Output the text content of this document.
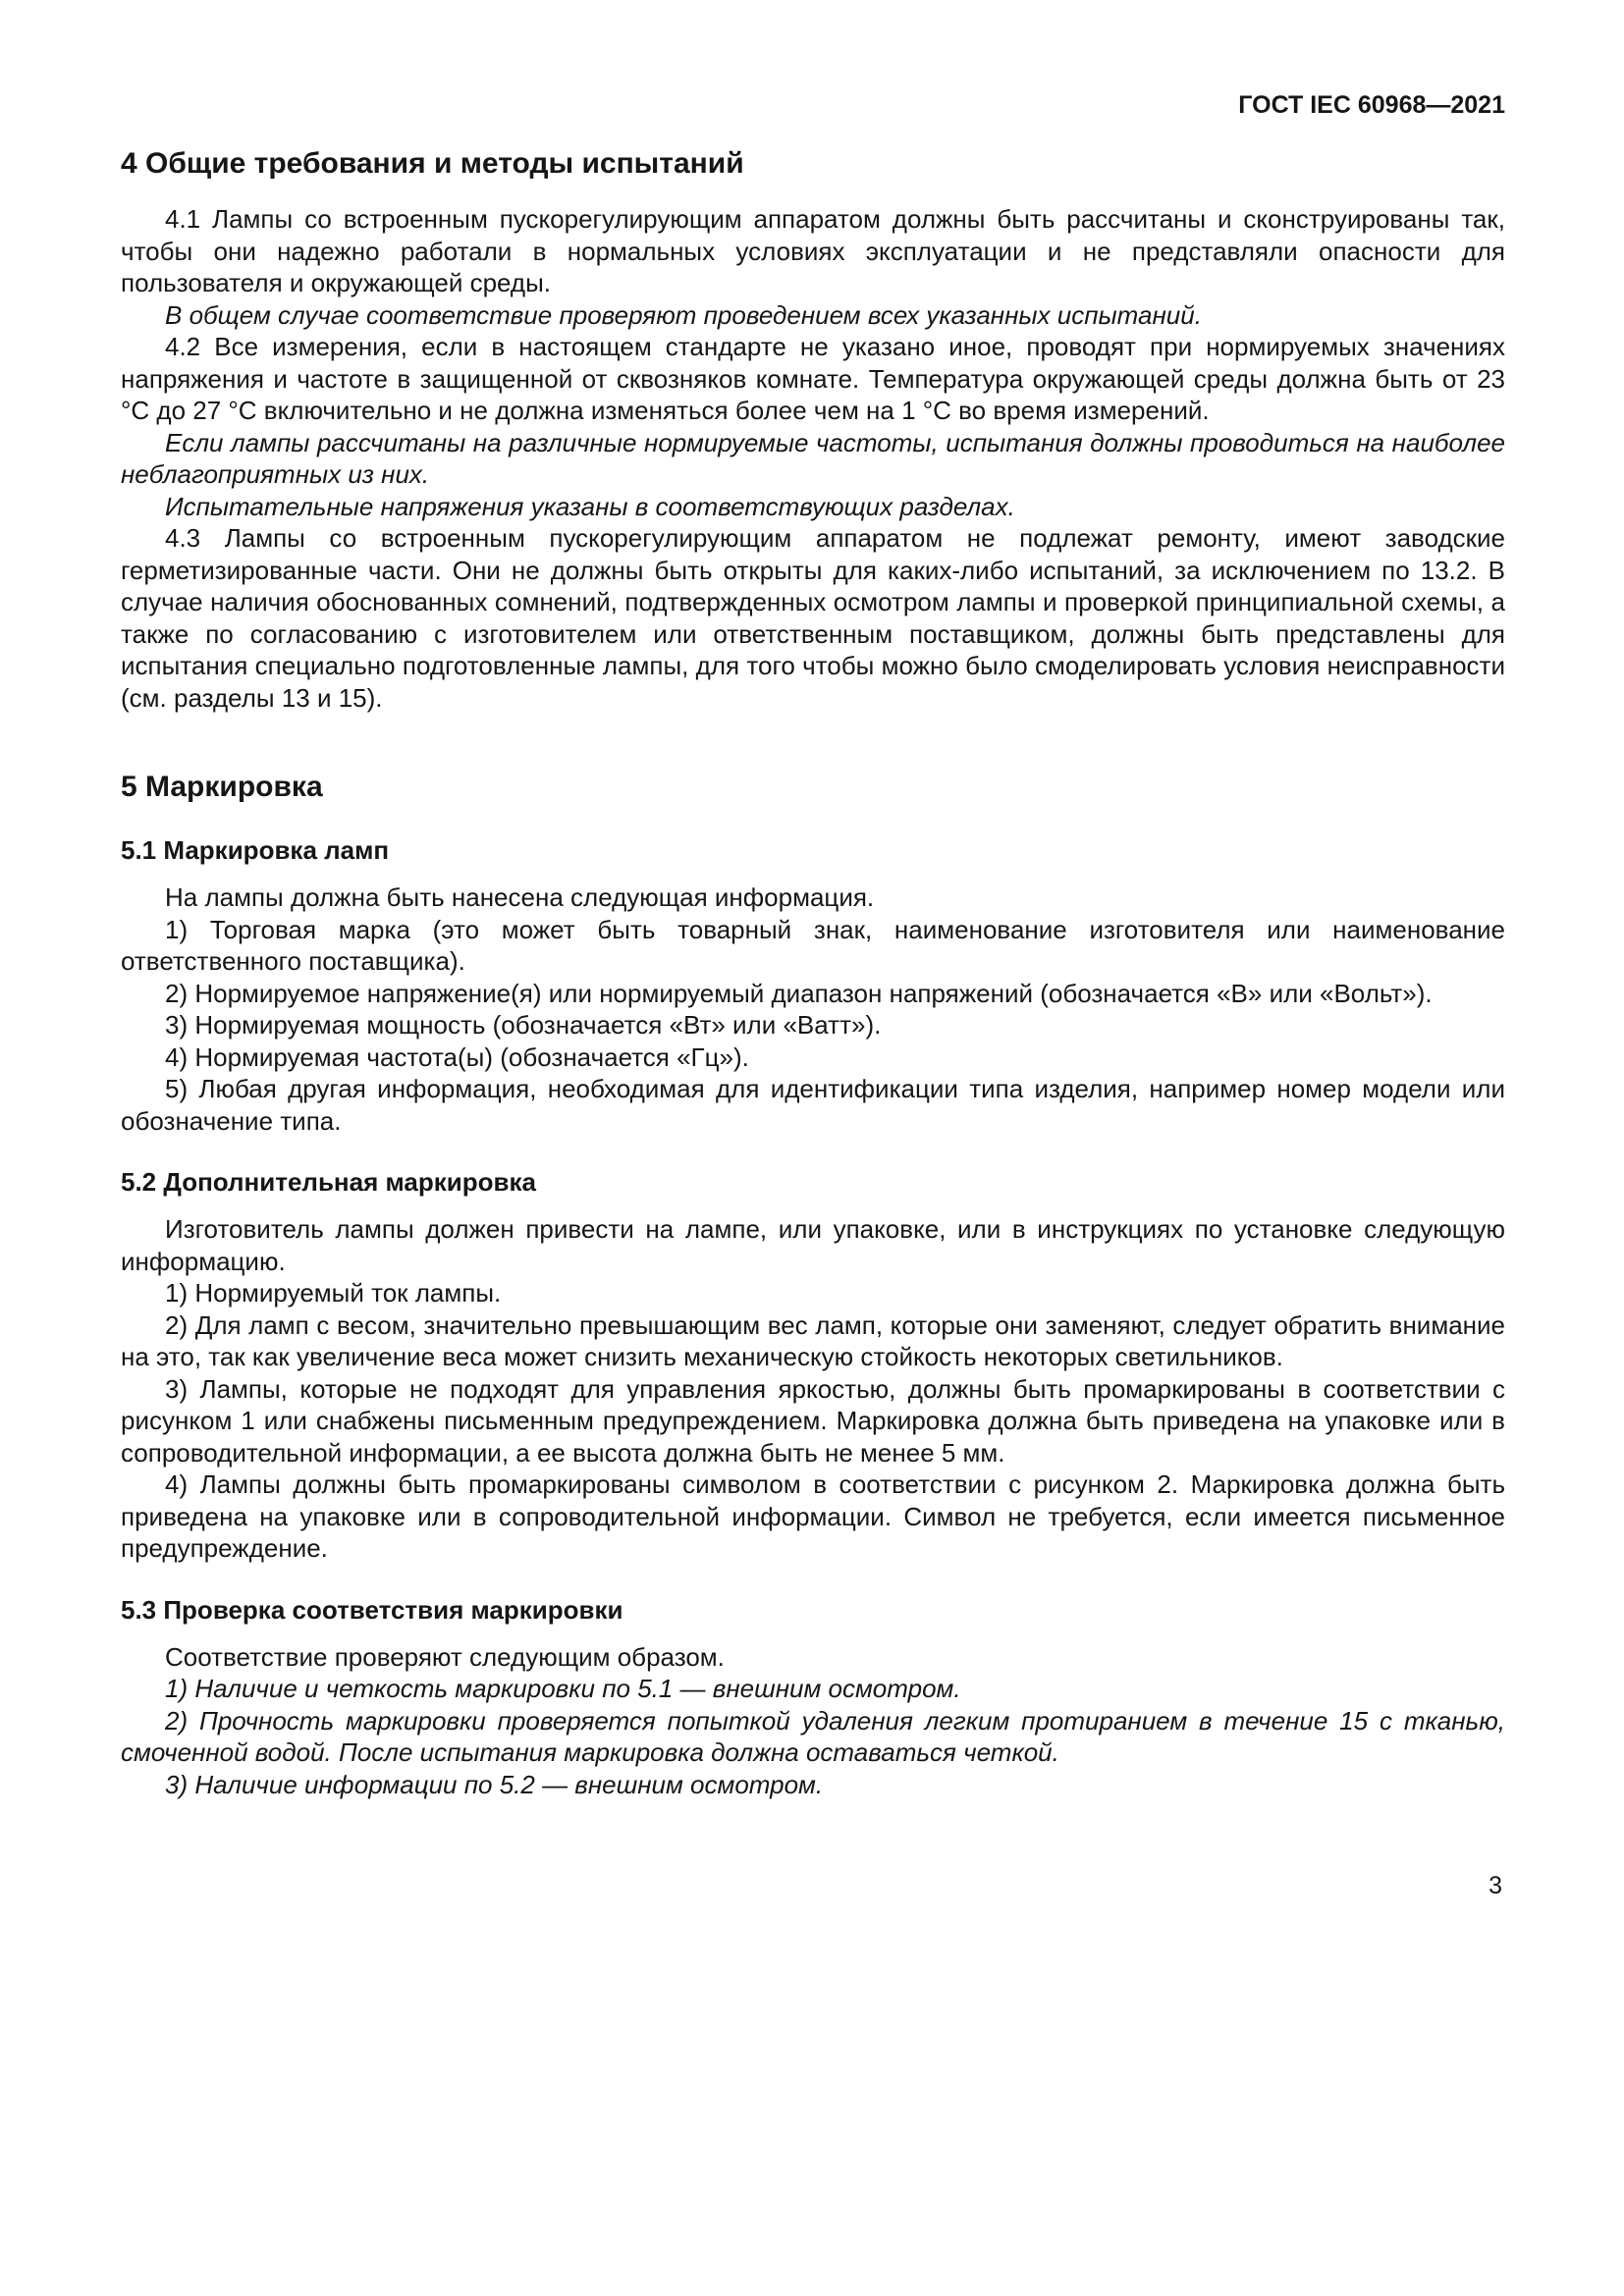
ГОСТ IEC 60968—2021
4 Общие требования и методы испытаний

4.1 Лампы со встроенным пускорегулирующим аппаратом должны быть рассчитаны и сконструированы так, чтобы они надежно работали в нормальных условиях эксплуатации и не представляли опасности для пользователя и окружающей среды.

В общем случае соответствие проверяют проведением всех указанных испытаний.

4.2 Все измерения, если в настоящем стандарте не указано иное, проводят при нормируемых значениях напряжения и частоте в защищенной от сквозняков комнате. Температура окружающей среды должна быть от 23 °С до 27 °С включительно и не должна изменяться более чем на 1 °С во время измерений.

Если лампы рассчитаны на различные нормируемые частоты, испытания должны проводиться на наиболее неблагоприятных из них.

Испытательные напряжения указаны в соответствующих разделах.

4.3 Лампы со встроенным пускорегулирующим аппаратом не подлежат ремонту, имеют заводские герметизированные части. Они не должны быть открыты для каких-либо испытаний, за исключением по 13.2. В случае наличия обоснованных сомнений, подтвержденных осмотром лампы и проверкой принципиальной схемы, а также по согласованию с изготовителем или ответственным поставщиком, должны быть представлены для испытания специально подготовленные лампы, для того чтобы можно было смоделировать условия неисправности (см. разделы 13 и 15).

5 Маркировка
5.1 Маркировка ламп

На лампы должна быть нанесена следующая информация.

1) Торговая марка (это может быть товарный знак, наименование изготовителя или наименование ответственного поставщика).

2) Нормируемое напряжение(я) или нормируемый диапазон напряжений (обозначается «В» или «Вольт»).

3) Нормируемая мощность (обозначается «Вт» или «Ватт»).

4) Нормируемая частота(ы) (обозначается «Гц»).

5) Любая другая информация, необходимая для идентификации типа изделия, например номер модели или обозначение типа.

5.2 Дополнительная маркировка

Изготовитель лампы должен привести на лампе, или упаковке, или в инструкциях по установке следующую информацию.

1) Нормируемый ток лампы.

2) Для ламп с весом, значительно превышающим вес ламп, которые они заменяют, следует обратить внимание на это, так как увеличение веса может снизить механическую стойкость некоторых светильников.

3) Лампы, которые не подходят для управления яркостью, должны быть промаркированы в соответствии с рисунком 1 или снабжены письменным предупреждением. Маркировка должна быть приведена на упаковке или в сопроводительной информации, а ее высота должна быть не менее 5 мм.

4) Лампы должны быть промаркированы символом в соответствии с рисунком 2. Маркировка должна быть приведена на упаковке или в сопроводительной информации. Символ не требуется, если имеется письменное предупреждение.

5.3 Проверка соответствия маркировки

Соответствие проверяют следующим образом.

1) Наличие и четкость маркировки по 5.1 — внешним осмотром.

2) Прочность маркировки проверяется попыткой удаления легким протиранием в течение 15 с тканью, смоченной водой. После испытания маркировка должна оставаться четкой.

3) Наличие информации по 5.2 — внешним осмотром.

3
